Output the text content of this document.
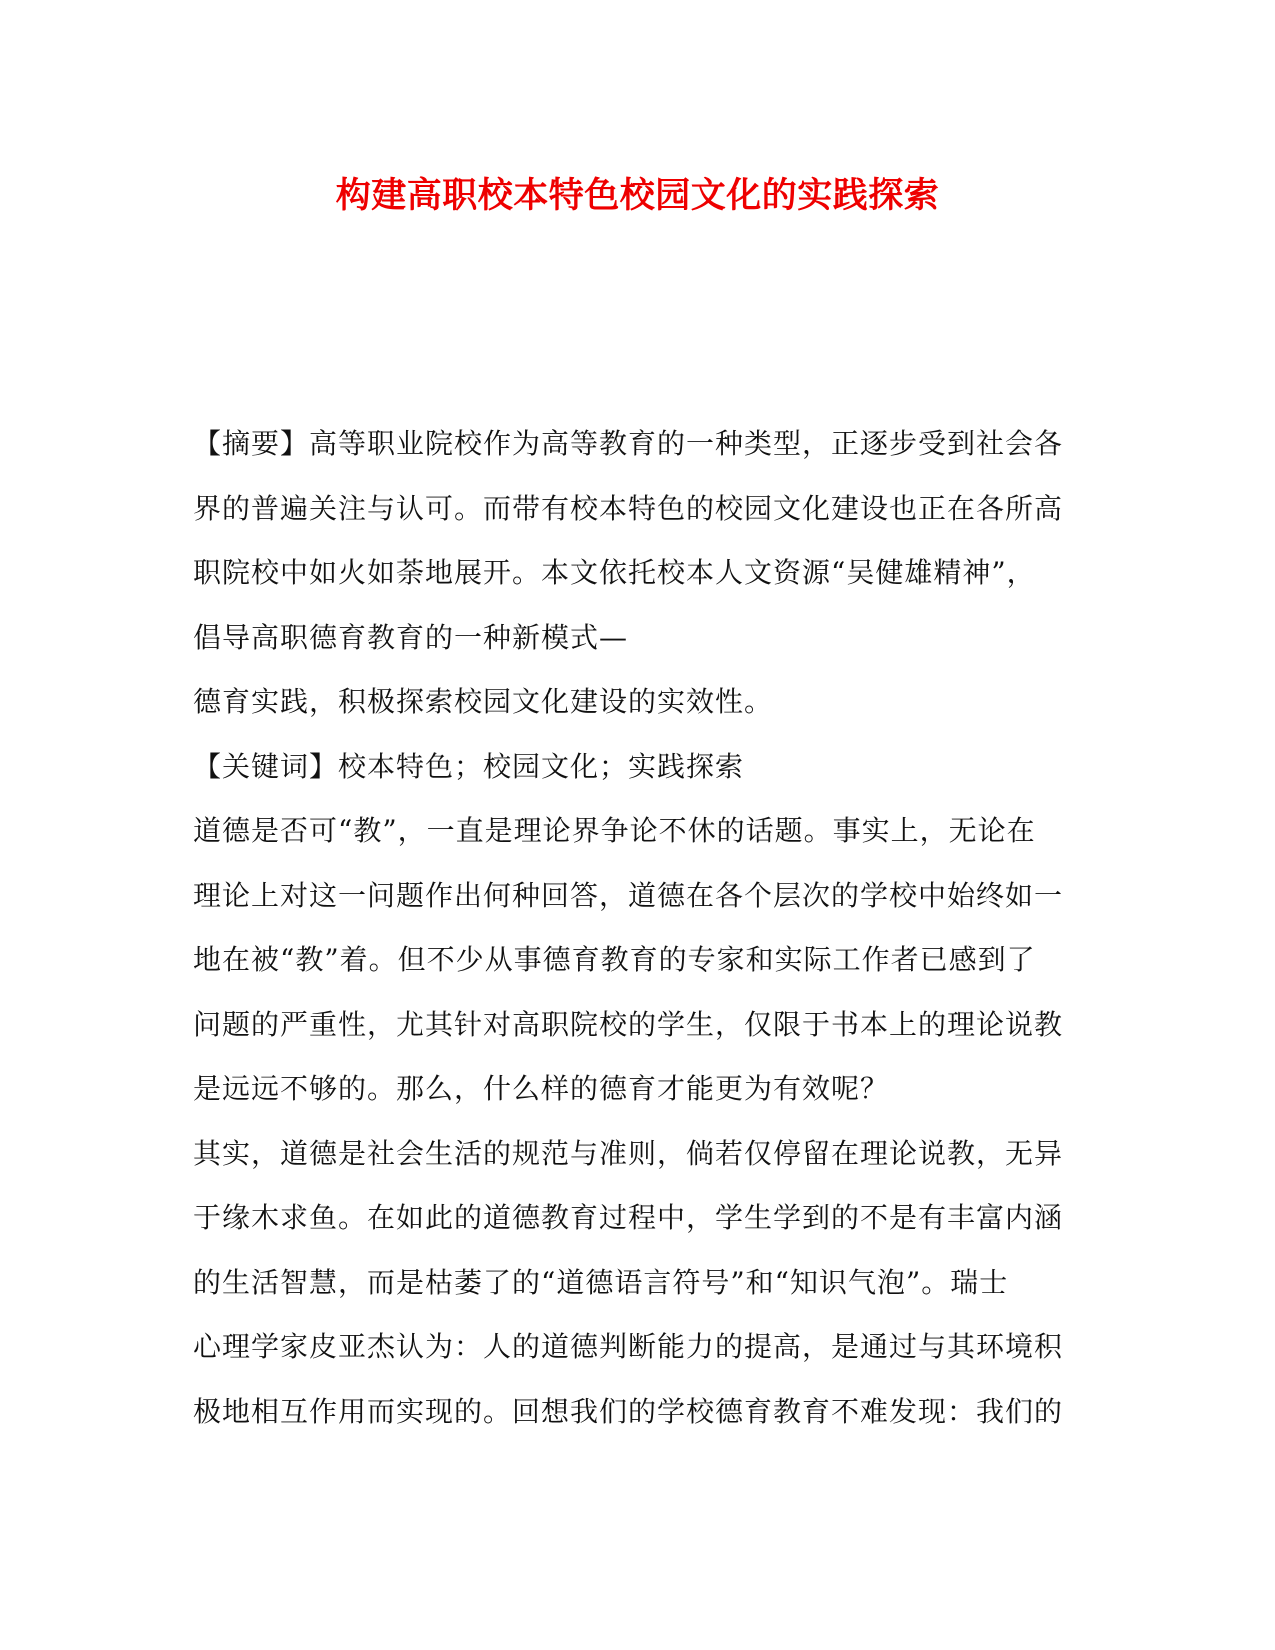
构建高职校本特色校园文化的实践探索
【摘要】高等职业院校作为高等教育的一种类型，正逐步受到社会各
界的普遍关注与认可。而带有校本特色的校园文化建设也正在各所高
职院校中如火如荼地展开。本文依托校本人文资源“吴健雄精神”，
倡导高职德育教育的一种新模式—
德育实践，积极探索校园文化建设的实效性。
【关键词】校本特色；校园文化；实践探索
道德是否可“教”，一直是理论界争论不休的话题。事实上，无论在
理论上对这一问题作出何种回答，道德在各个层次的学校中始终如一
地在被“教”着。但不少从事德育教育的专家和实际工作者已感到了
问题的严重性，尤其针对高职院校的学生，仅限于书本上的理论说教
是远远不够的。那么，什么样的德育才能更为有效呢？
其实，道德是社会生活的规范与准则，倘若仅停留在理论说教，无异
于缘木求鱼。在如此的道德教育过程中，学生学到的不是有丰富内涵
的生活智慧，而是枯萎了的“道德语言符号”和“知识气泡”。瑞士
心理学家皮亚杰认为：人的道德判断能力的提高，是通过与其环境积
极地相互作用而实现的。回想我们的学校德育教育不难发现：我们的
